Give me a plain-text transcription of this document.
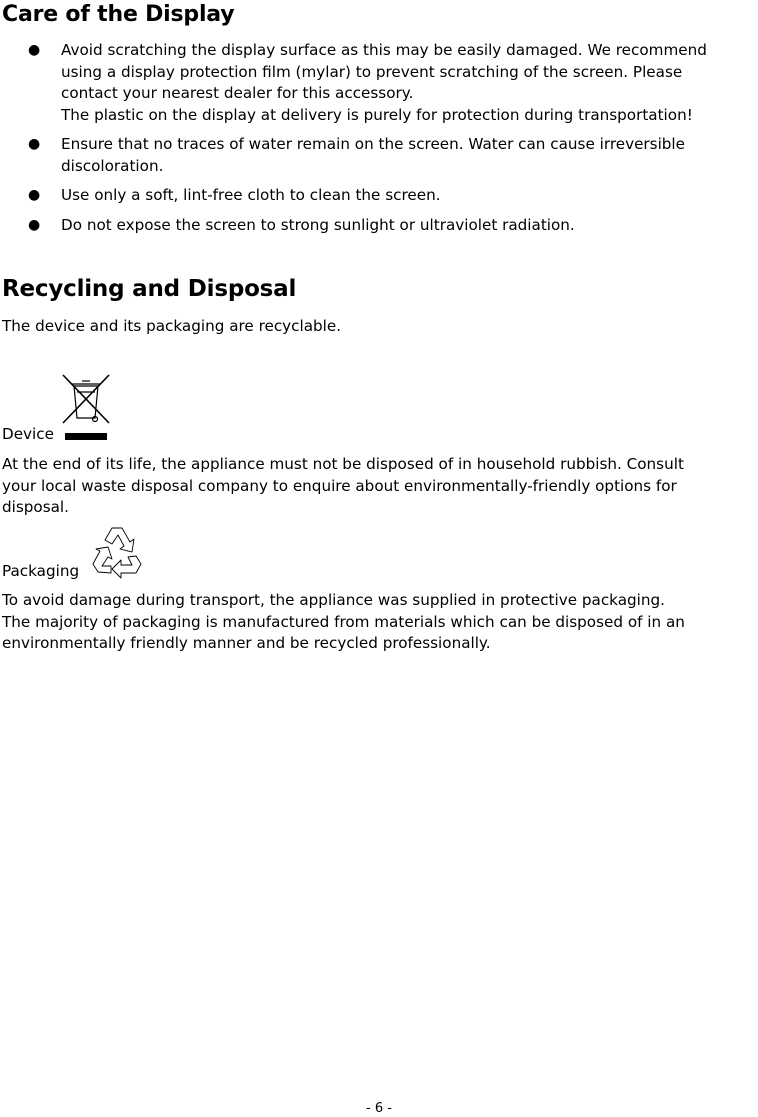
Care of the Display
● Avoid scratching the display surface as this may be easily damaged. We recommend
using a display protection film (mylar) to prevent scratching of the screen. Please
contact your nearest dealer for this accessory.
The plastic on the display at delivery is purely for protection during transportation!
● Ensure that no traces of water remain on the screen. Water can cause irreversible
discoloration.
● Use only a soft, lint-free cloth to clean the screen.
● Do not expose the screen to strong sunlight or ultraviolet radiation.
Recycling and Disposal

The device and its packaging are recyclable.

Device

At the end of its life, the appliance must not be disposed of in household rubbish. Consult
your local waste disposal company to enquire about environmentally-friendly options for
disposal.

Packaging

To avoid damage during transport, the appliance was supplied in protective packaging.
The majority of packaging is manufactured from materials which can be disposed of in an
environmentally friendly manner and be recycled professionally.

- 6 -
